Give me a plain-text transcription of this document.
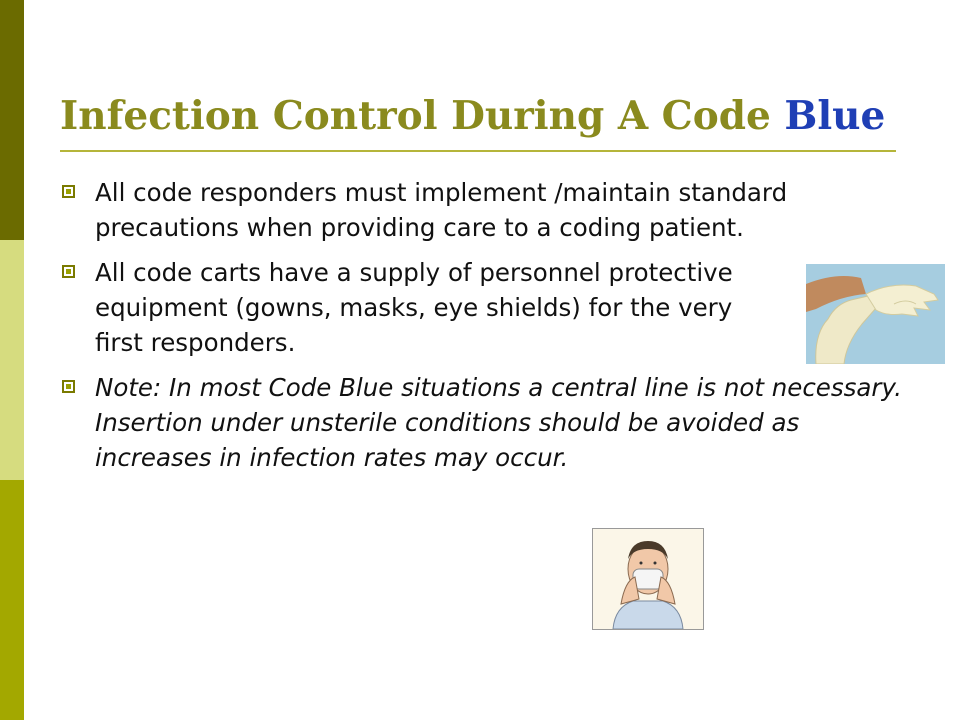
Infection Control During A Code Blue
All code responders must implement /maintain standard precautions when providing care to a coding patient.
All code carts have a supply of personnel protective equipment (gowns, masks, eye shields) for the very first responders.
Note: In most Code Blue situations a central line is not necessary. Insertion under unsterile conditions should be avoided as increases in infection rates may occur.
